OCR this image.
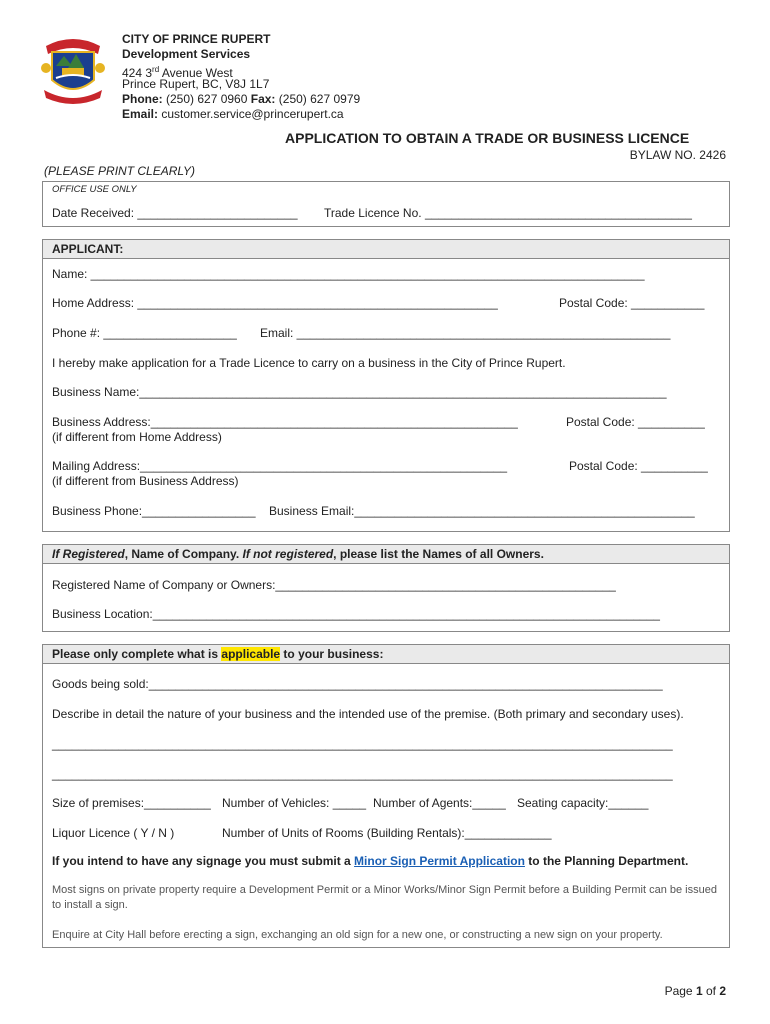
CITY OF PRINCE RUPERT
Development Services
424 3rd Avenue West
Prince Rupert, BC, V8J 1L7
Phone: (250) 627 0960 Fax: (250) 627 0979
Email: customer.service@princerupert.ca
APPLICATION TO OBTAIN A TRADE OR BUSINESS LICENCE
BYLAW NO. 2426
(PLEASE PRINT CLEARLY)
OFFICE USE ONLY
Date Received: ________________________ Trade Licence No. ________________________________________
APPLICANT:
Name: ___________________________________________________________________________________
Home Address: ______________________________________________________	Postal Code: ___________
Phone #: ____________________ Email: ________________________________________________________
I hereby make application for a Trade Licence to carry on a business in the City of Prince Rupert.
Business Name:_______________________________________________________________________________
Business Address:_______________________________________________________	Postal Code: __________
(if different from Home Address)
Mailing Address:_______________________________________________________	Postal Code: __________
(if different from Business Address)
Business Phone:_________________ Business Email:___________________________________________________
If Registered, Name of Company. If not registered, please list the Names of all Owners.
Registered Name of Company or Owners:___________________________________________________
Business Location:____________________________________________________________________________
Please only complete what is applicable to your business:
Goods being sold:_____________________________________________________________________________
Describe in detail the nature of your business and the intended use of the premise. (Both primary and secondary uses).
_____________________________________________________________________________________________
_____________________________________________________________________________________________
Size of premises:__________ Number of Vehicles: _____ Number of Agents:_____ Seating capacity:______
Liquor Licence ( Y / N )	Number of Units of Rooms (Building Rentals):_____________
If you intend to have any signage you must submit a Minor Sign Permit Application to the Planning Department.
Most signs on private property require a Development Permit or a Minor Works/Minor Sign Permit before a Building Permit can be issued to install a sign.
Enquire at City Hall before erecting a sign, exchanging an old sign for a new one, or constructing a new sign on your property.
Page 1 of 2
